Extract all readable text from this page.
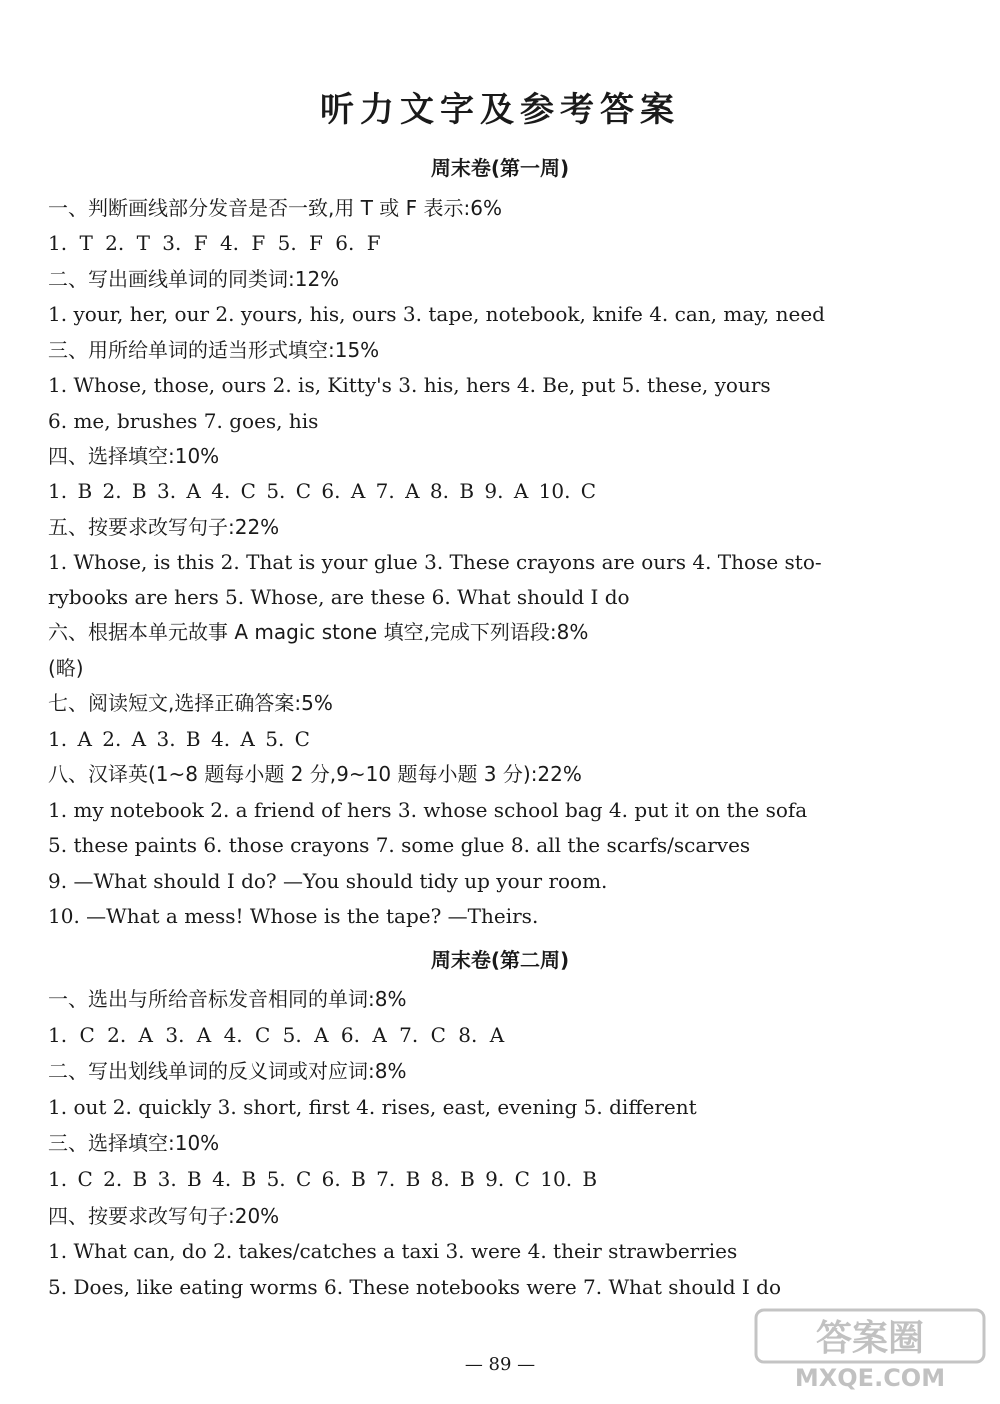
听力文字及参考答案
周末卷(第一周)
一、判断画线部分发音是否一致,用 T 或 F 表示:6%
1. T 2. T 3. F 4. F 5. F 6. F
二、写出画线单词的同类词:12%
1. your, her, our 2. yours, his, ours 3. tape, notebook, knife 4. can, may, need
三、用所给单词的适当形式填空:15%
1. Whose, those, ours 2. is, Kitty's 3. his, hers 4. Be, put 5. these, yours
6. me, brushes 7. goes, his
四、选择填空:10%
1. B 2. B 3. A 4. C 5. C 6. A 7. A 8. B 9. A 10. C
五、按要求改写句子:22%
1. Whose, is this 2. That is your glue 3. These crayons are ours 4. Those sto-
rybooks are hers 5. Whose, are these 6. What should I do
六、根据本单元故事 A magic stone 填空,完成下列语段:8%
(略)
七、阅读短文,选择正确答案:5%
1. A 2. A 3. B 4. A 5. C
八、汉译英(1~8 题每小题 2 分,9~10 题每小题 3 分):22%
1. my notebook 2. a friend of hers 3. whose school bag 4. put it on the sofa
5. these paints 6. those crayons 7. some glue 8. all the scarfs/scarves
9. —What should I do? —You should tidy up your room.
10. —What a mess! Whose is the tape? —Theirs.
周末卷(第二周)
一、选出与所给音标发音相同的单词:8%
1. C 2. A 3. A 4. C 5. A 6. A 7. C 8. A
二、写出划线单词的反义词或对应词:8%
1. out 2. quickly 3. short, first 4. rises, east, evening 5. different
三、选择填空:10%
1. C 2. B 3. B 4. B 5. C 6. B 7. B 8. B 9. C 10. B
四、按要求改写句子:20%
1. What can, do 2. takes/catches a taxi 3. were 4. their strawberries
5. Does, like eating worms 6. These notebooks were 7. What should I do
— 89 —
答案圈
MXQE.COM
